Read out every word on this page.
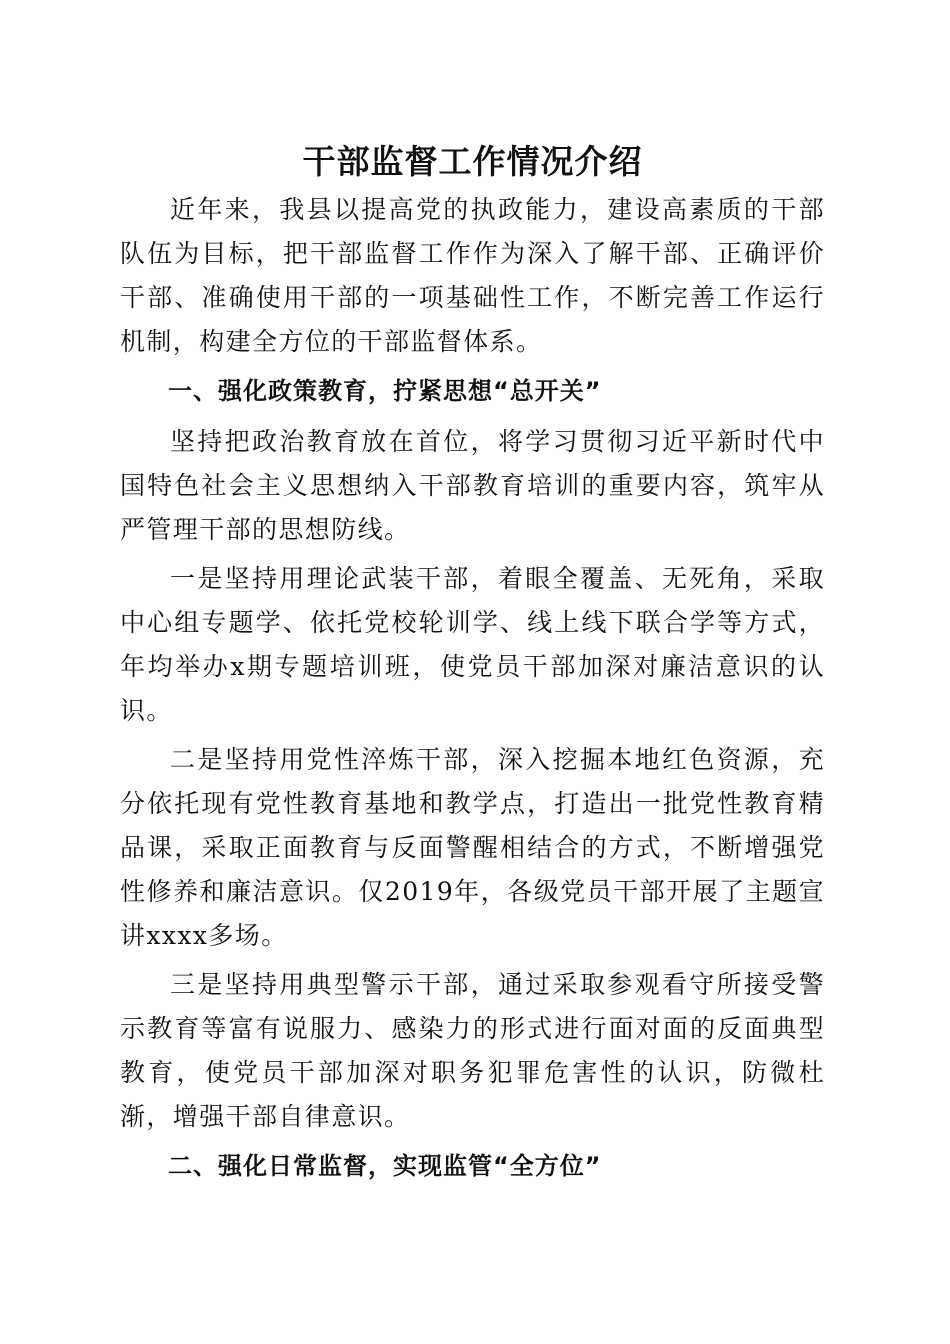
干部监督工作情况介绍

近年来，我县以提高党的执政能力，建设高素质的干部队伍为目标，把干部监督工作作为深入了解干部、正确评价干部、准确使用干部的一项基础性工作，不断完善工作运行机制，构建全方位的干部监督体系。

一、强化政策教育，拧紧思想“总开关”

坚持把政治教育放在首位，将学习贯彻习近平新时代中国特色社会主义思想纳入干部教育培训的重要内容，筑牢从严管理干部的思想防线。

一是坚持用理论武装干部，着眼全覆盖、无死角，采取中心组专题学、依托党校轮训学、线上线下联合学等方式，年均举办x期专题培训班，使党员干部加深对廉洁意识的认识。

二是坚持用党性淬炼干部，深入挖掘本地红色资源，充分依托现有党性教育基地和教学点，打造出一批党性教育精品课，采取正面教育与反面警醒相结合的方式，不断增强党性修养和廉洁意识。仅2019年，各级党员干部开展了主题宣讲xxxx多场。

三是坚持用典型警示干部，通过采取参观看守所接受警示教育等富有说服力、感染力的形式进行面对面的反面典型教育，使党员干部加深对职务犯罪危害性的认识，防微杜渐，增强干部自律意识。

二、强化日常监督，实现监管“全方位”
